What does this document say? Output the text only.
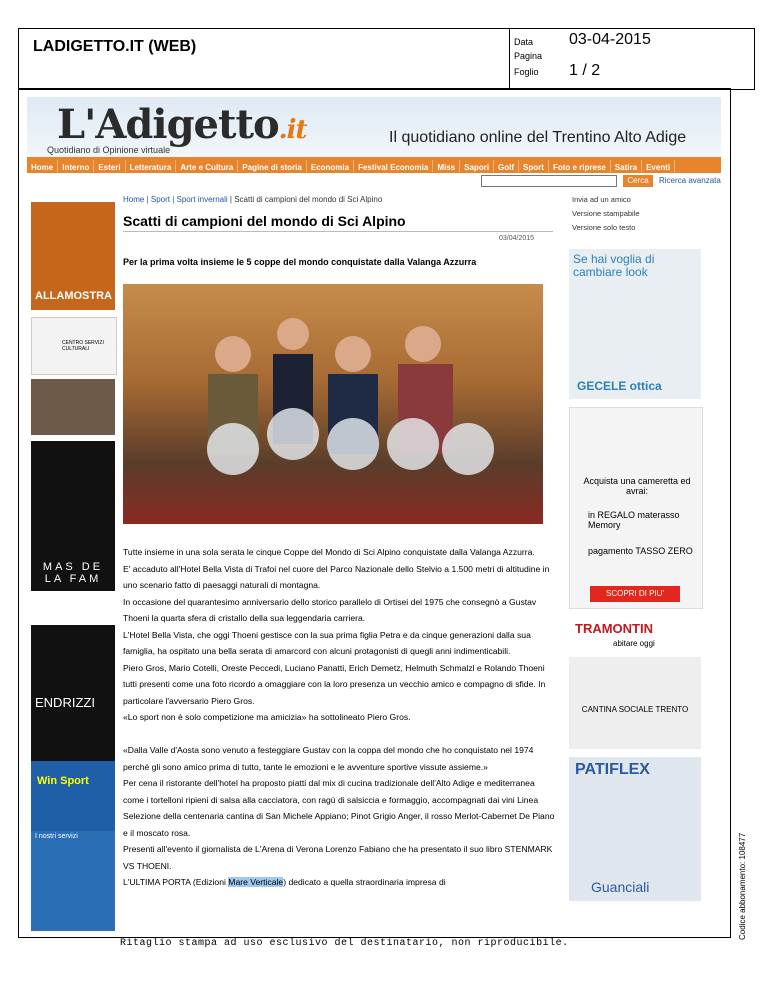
LADIGETTO.IT (WEB)	Data 03-04-2015
Pagina
Foglio 1 / 2
L'Adigetto.it
Quotidiano di Opinione virtuale
Il quotidiano online del Trentino Alto Adige
Home Interno Esteri Letteratura Arte e Cultura Pagine di storia Economia Festival Economia Miss Sapori Golf Sport Foto e riprese Satira Eventi
Cerca	Ricerca avanzata
Home | Sport | Sport invernali | Scatti di campioni del mondo di Sci Alpino
Scatti di campioni del mondo di Sci Alpino
03/04/2015
Per la prima volta insieme le 5 coppe del mondo conquistate dalla Valanga Azzurra

Tutte insieme in una sola serata le cinque Coppe del Mondo di Sci Alpino conquistate dalla Valanga Azzurra.

E' accaduto all'Hotel Bella Vista di Trafoi nel cuore del Parco Nazionale dello Stelvio a 1.500 metri di altitudine in uno scenario fatto di paesaggi naturali di montagna.

In occasione del quarantesimo anniversario dello storico parallelo di Ortisei del 1975 che consegnò a Gustav Thoeni la quarta sfera di cristallo della sua leggendaria carriera.

L'Hotel Bella Vista, che oggi Thoeni gestisce con la sua prima figlia Petra e da cinque generazioni dalla sua famiglia, ha ospitato una bella serata di amarcord con alcuni protagonisti di quegli anni indimenticabili.

Piero Gros, Mario Cotelli, Oreste Peccedi, Luciano Panatti, Erich Demetz, Helmuth Schmalzl e Rolando Thoeni tutti presenti come una foto ricordo a omaggiare con la loro presenza un vecchio amico e compagno di sfide. In particolare l'avversario Piero Gros.

«Lo sport non è solo competizione ma amicizia» ha sottolineato Piero Gros.

«Dalla Valle d'Aosta sono venuto a festeggiare Gustav con la coppa del mondo che ho conquistato nel 1974 perché gli sono amico prima di tutto, tante le emozioni e le avventure sportive vissute assieme.»

Per cena il ristorante dell'hotel ha proposto piatti dal mix di cucina tradizionale dell'Alto Adige e mediterranea come i tortelloni ripieni di salsa alla cacciatora, con ragù di salsiccia e formaggio, accompagnati dai vini Linea Selezione della centenaria cantina di San Michele Appiano; Pinot Grigio Anger, il rosso Merlot-Cabernet De Piano e il moscato rosa.

Presenti all'evento il giornalista de L'Arena di Verona Lorenzo Fabiano che ha presentato il suo libro STENMARK VS THOENI.

L'ULTIMA PORTA (Edizioni Mare Verticale) dedicato a quella straordinaria impresa di

Invia ad un amico
Versione stampabile
Versione solo testo
ALLAMOSTRA
CENTRO SERVIZI CULTURALI
MAS DE LA FAM
ENDRIZZI
Win Sport
I nostri servizi
Se hai voglia di cambiare look
GECELE ottica
Acquista una cameretta ed avrai:
in REGALO materasso Memory
pagamento TASSO ZERO
SCOPRI DI PIU'
TRAMONTIN
abitare oggi
CANTINA SOCIALE TRENTO
PATIFLEX
Guanciali	Codice abbonamento: 108477
Ritaglio stampa ad uso esclusivo del destinatario, non riproducibile.
